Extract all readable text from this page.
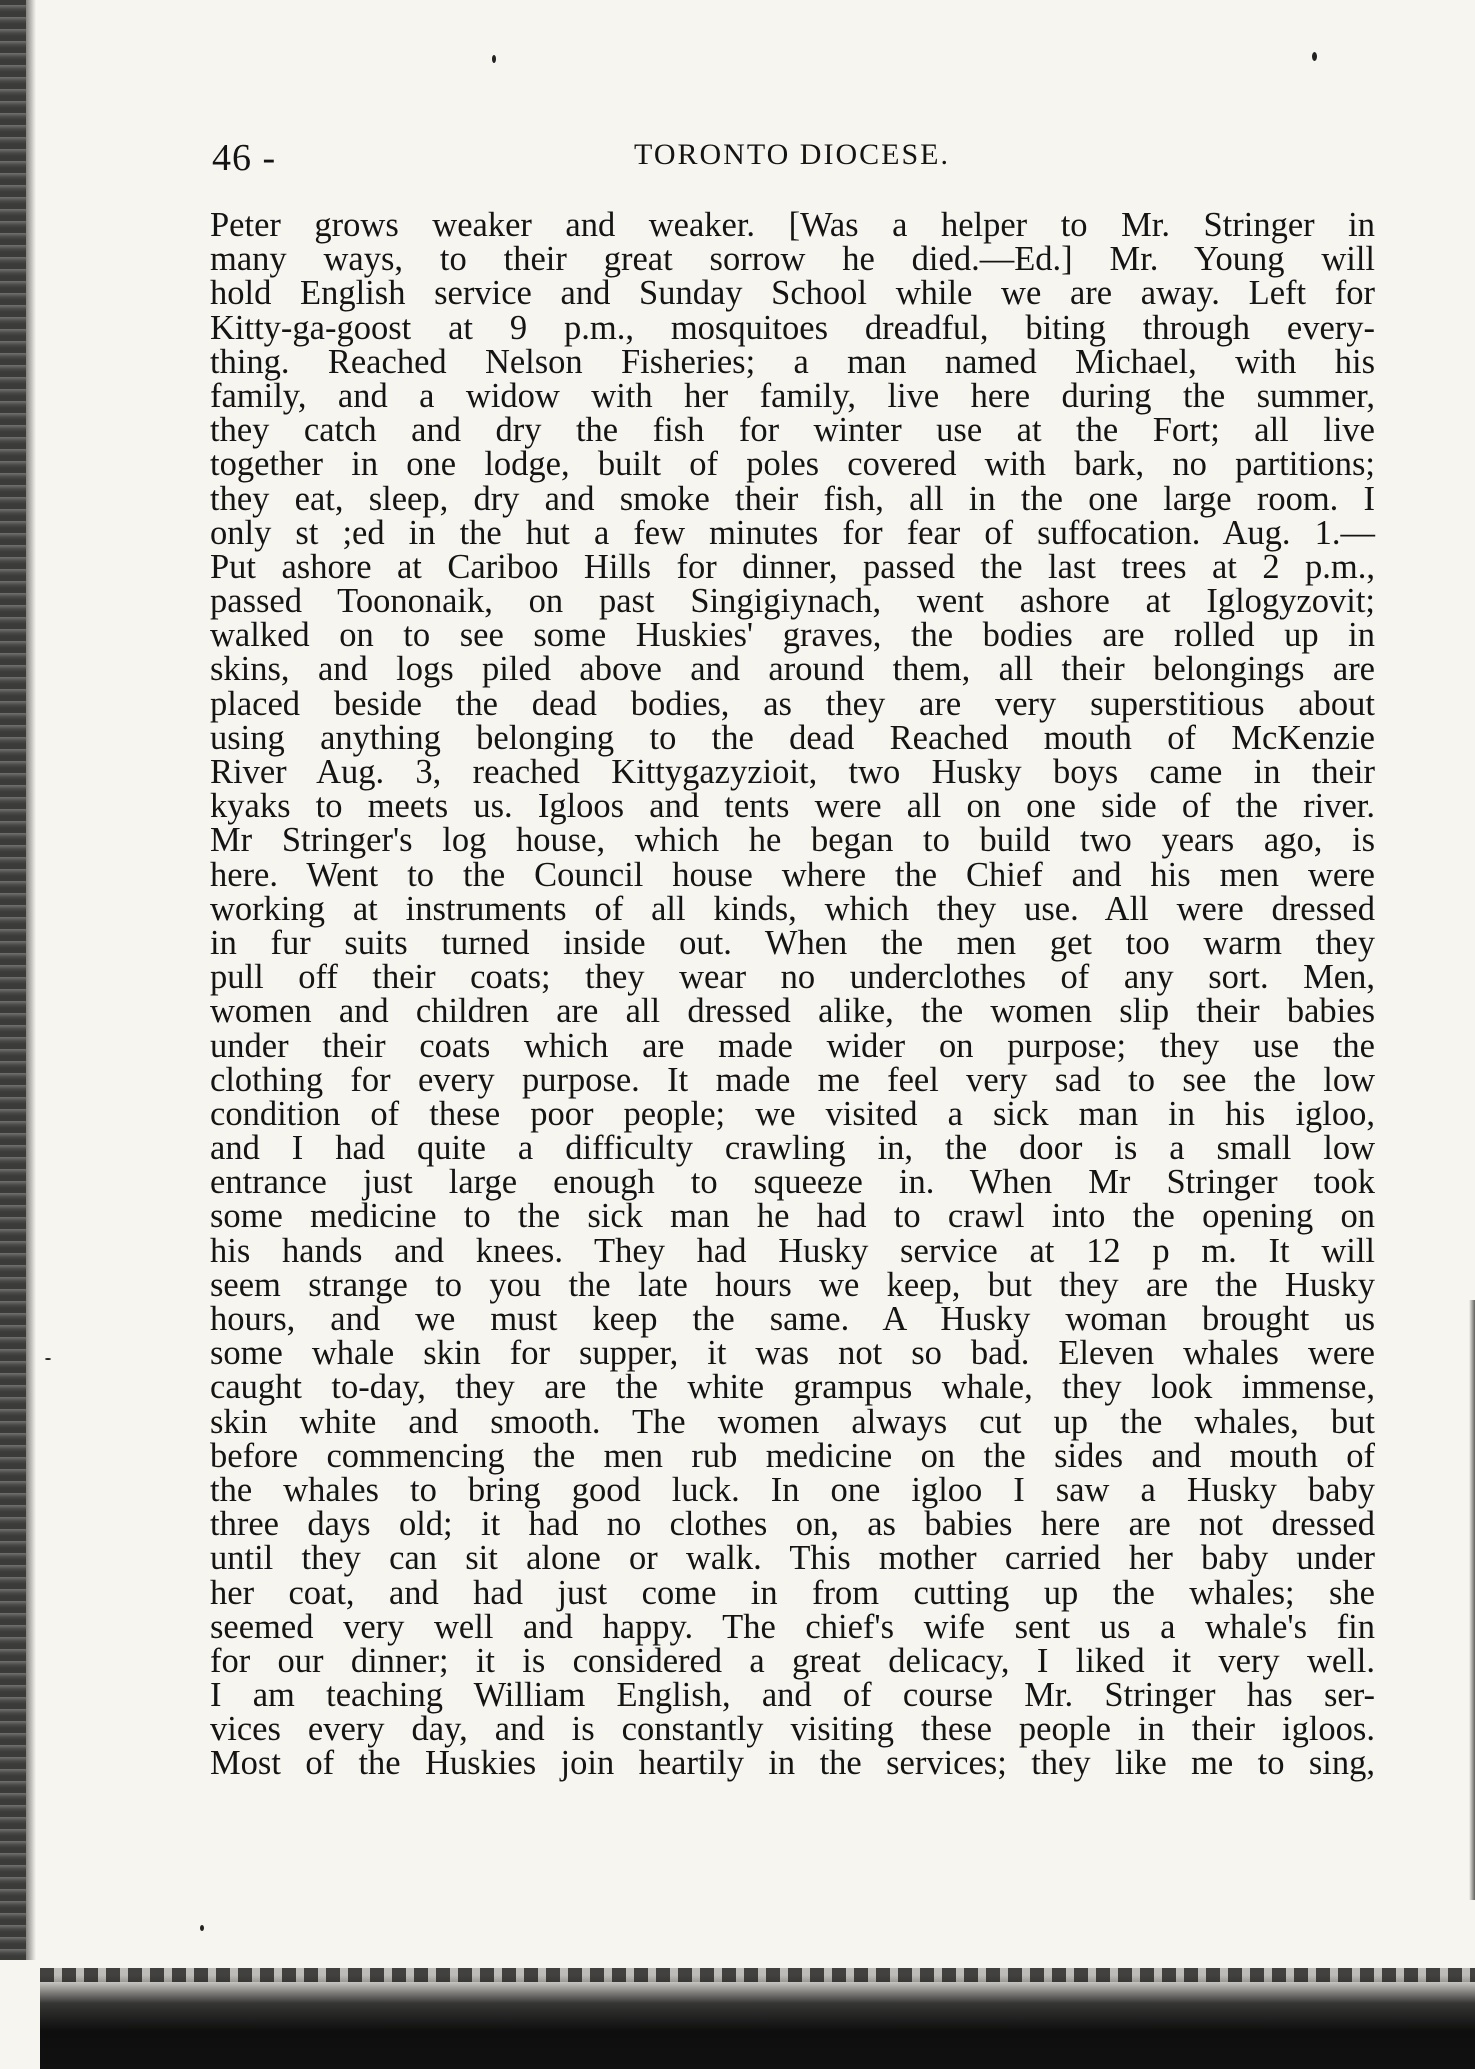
46 -	TORONTO DIOCESE.
Peter grows weaker and weaker. [Was a helper to Mr. Stringer in
many ways, to their great sorrow he died.—Ed.] Mr. Young will
hold English service and Sunday School while we are away. Left for
Kitty-ga-goost at 9 p.m., mosquitoes dreadful, biting through every-
thing. Reached Nelson Fisheries; a man named Michael, with his
family, and a widow with her family, live here during the summer,
they catch and dry the fish for winter use at the Fort; all live
together in one lodge, built of poles covered with bark, no partitions;
they eat, sleep, dry and smoke their fish, all in the one large room. I
only st ;ed in the hut a few minutes for fear of suffocation. Aug. 1.—
Put ashore at Cariboo Hills for dinner, passed the last trees at 2 p.m.,
passed Toononaik, on past Singigiynach, went ashore at Iglogyzovit;
walked on to see some Huskies' graves, the bodies are rolled up in
skins, and logs piled above and around them, all their belongings are
placed beside the dead bodies, as they are very superstitious about
using anything belonging to the dead Reached mouth of McKenzie
River Aug. 3, reached Kittygazyzioit, two Husky boys came in their
kyaks to meets us. Igloos and tents were all on one side of the river.
Mr Stringer's log house, which he began to build two years ago, is
here. Went to the Council house where the Chief and his men were
working at instruments of all kinds, which they use. All were dressed
in fur suits turned inside out. When the men get too warm they
pull off their coats; they wear no underclothes of any sort. Men,
women and children are all dressed alike, the women slip their babies
under their coats which are made wider on purpose; they use the
clothing for every purpose. It made me feel very sad to see the low
condition of these poor people; we visited a sick man in his igloo,
and I had quite a difficulty crawling in, the door is a small low
entrance just large enough to squeeze in. When Mr Stringer took
some medicine to the sick man he had to crawl into the opening on
his hands and knees. They had Husky service at 12 p m. It will
seem strange to you the late hours we keep, but they are the Husky
hours, and we must keep the same. A Husky woman brought us
some whale skin for supper, it was not so bad. Eleven whales were
caught to-day, they are the white grampus whale, they look immense,
skin white and smooth. The women always cut up the whales, but
before commencing the men rub medicine on the sides and mouth of
the whales to bring good luck. In one igloo I saw a Husky baby
three days old; it had no clothes on, as babies here are not dressed
until they can sit alone or walk. This mother carried her baby under
her coat, and had just come in from cutting up the whales; she
seemed very well and happy. The chief's wife sent us a whale's fin
for our dinner; it is considered a great delicacy, I liked it very well.
I am teaching William English, and of course Mr. Stringer has ser-
vices every day, and is constantly visiting these people in their igloos.
Most of the Huskies join heartily in the services; they like me to sing,
